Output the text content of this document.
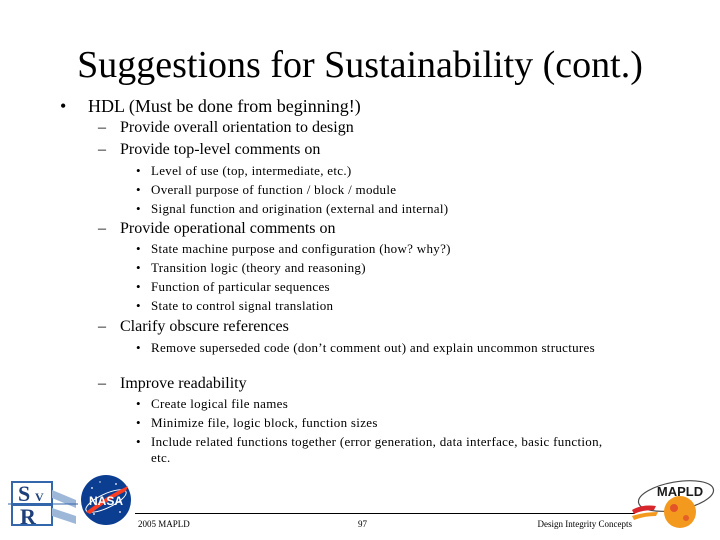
Suggestions for Sustainability (cont.)
• HDL (Must be done from beginning!)
– Provide overall orientation to design
– Provide top-level comments on
• Level of use (top, intermediate, etc.)
• Overall purpose of function / block / module
• Signal function and origination (external and internal)
– Provide operational comments on
• State machine purpose and configuration (how? why?)
• Transition logic (theory and reasoning)
• Function of particular sequences
• State to control signal translation
– Clarify obscure references
• Remove superseded code (don’t comment out) and explain uncommon structures
– Improve readability
• Create logical file names
• Minimize file, logic block, function sizes
• Include related functions together (error generation, data interface, basic function, etc.
2005 MAPLD	97	Design Integrity Concepts
S V
R
NASA
MAPLD
